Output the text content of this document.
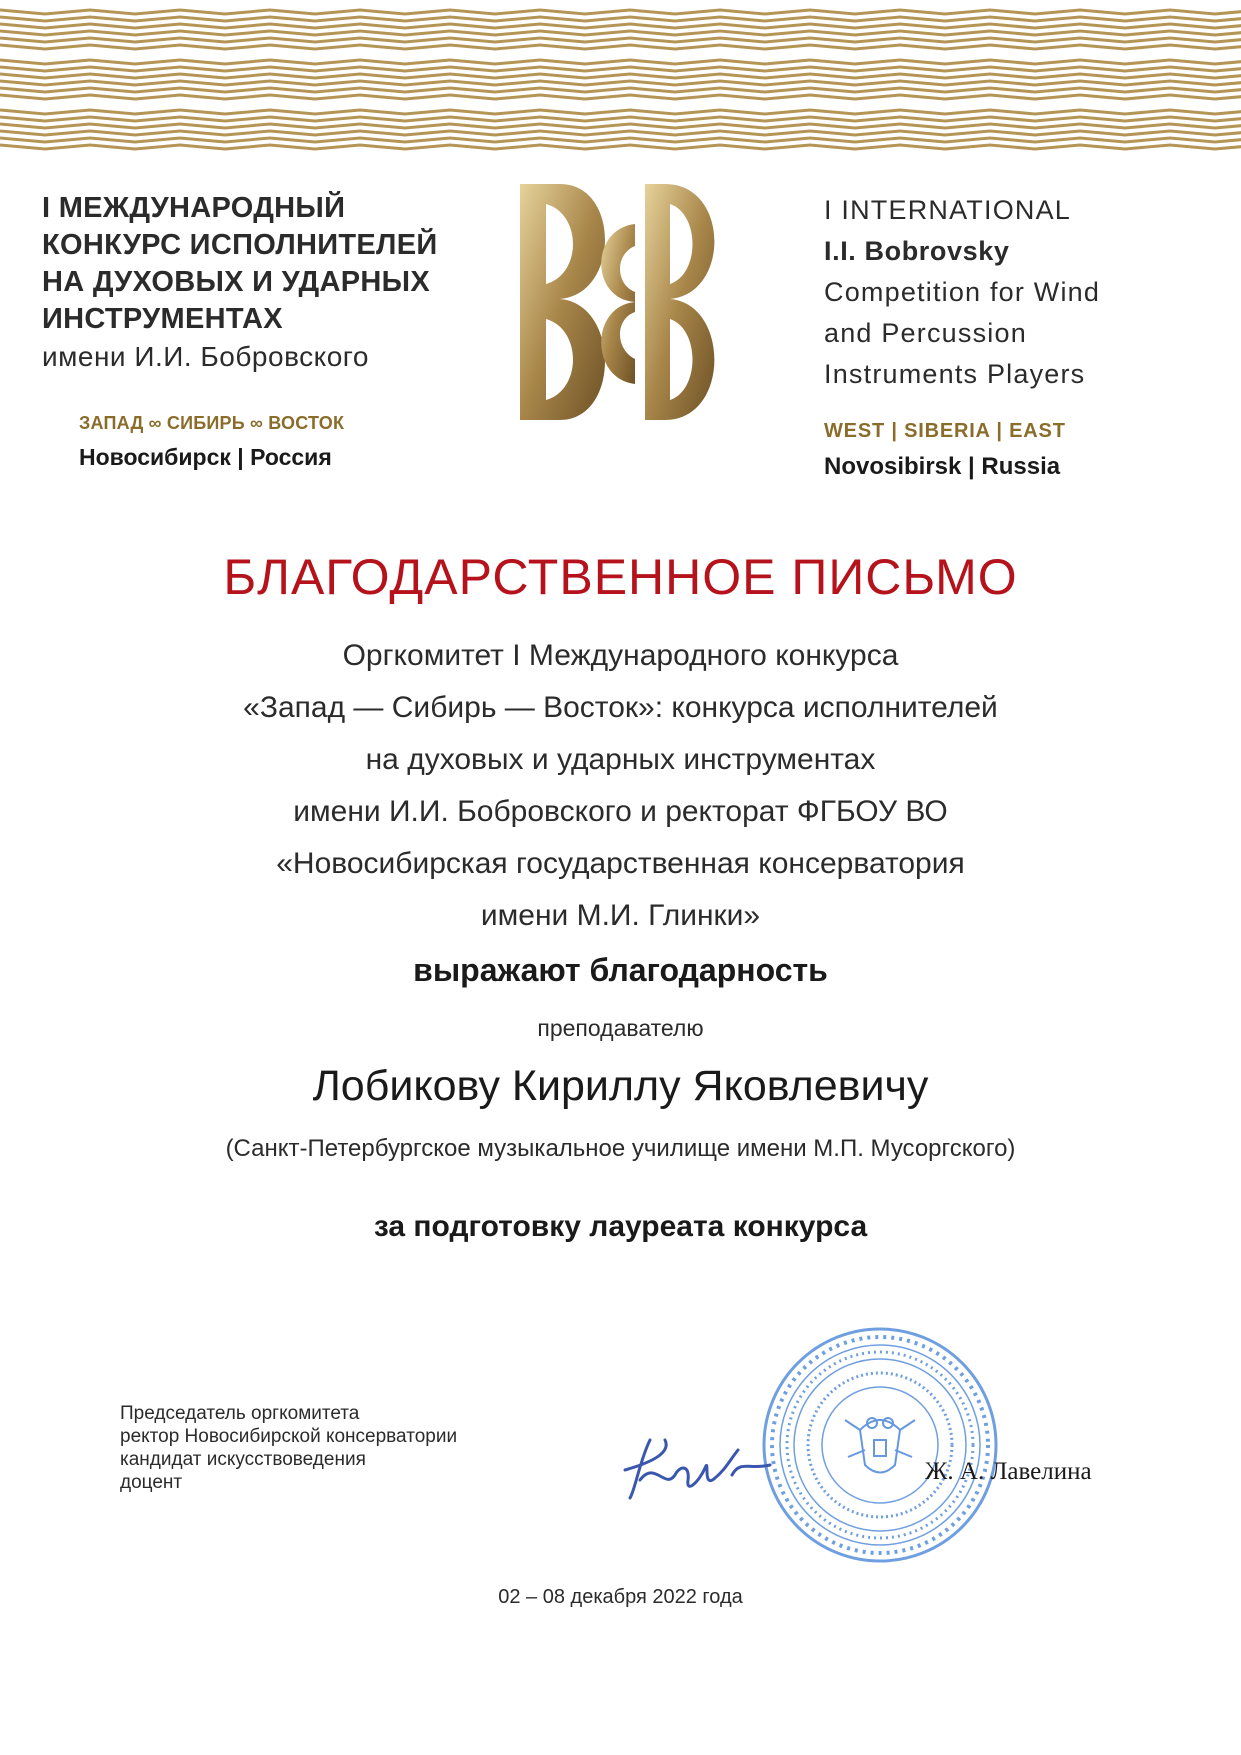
I МЕЖДУНАРОДНЫЙ
КОНКУРС ИСПОЛНИТЕЛЕЙ
НА ДУХОВЫХ И УДАРНЫХ
ИНСТРУМЕНТАХ
имени И.И. Бобровского
ЗАПАД ∞ СИБИРЬ ∞ ВОСТОК
Новосибирск | Россия
I INTERNATIONAL
I.I. Bobrovsky
Competition for Wind
and Percussion
Instruments Players
WEST | SIBERIA | EAST
Novosibirsk | Russia
БЛАГОДАРСТВЕННОЕ ПИСЬМО
Оргкомитет I Международного конкурса
«Запад — Сибирь — Восток»: конкурса исполнителей
на духовых и ударных инструментах
имени И.И. Бобровского и ректорат ФГБОУ ВО
«Новосибирская государственная консерватория
имени М.И. Глинки»
выражают благодарность
преподавателю
Лобикову Кириллу Яковлевичу
(Санкт-Петербургское музыкальное училище имени М.П. Мусоргского)
за подготовку лауреата конкурса
Председатель оргкомитета
ректор Новосибирской консерватории
кандидат искусствоведения
доцент	Ж. А. Лавелина
02 – 08 декабря 2022 года
